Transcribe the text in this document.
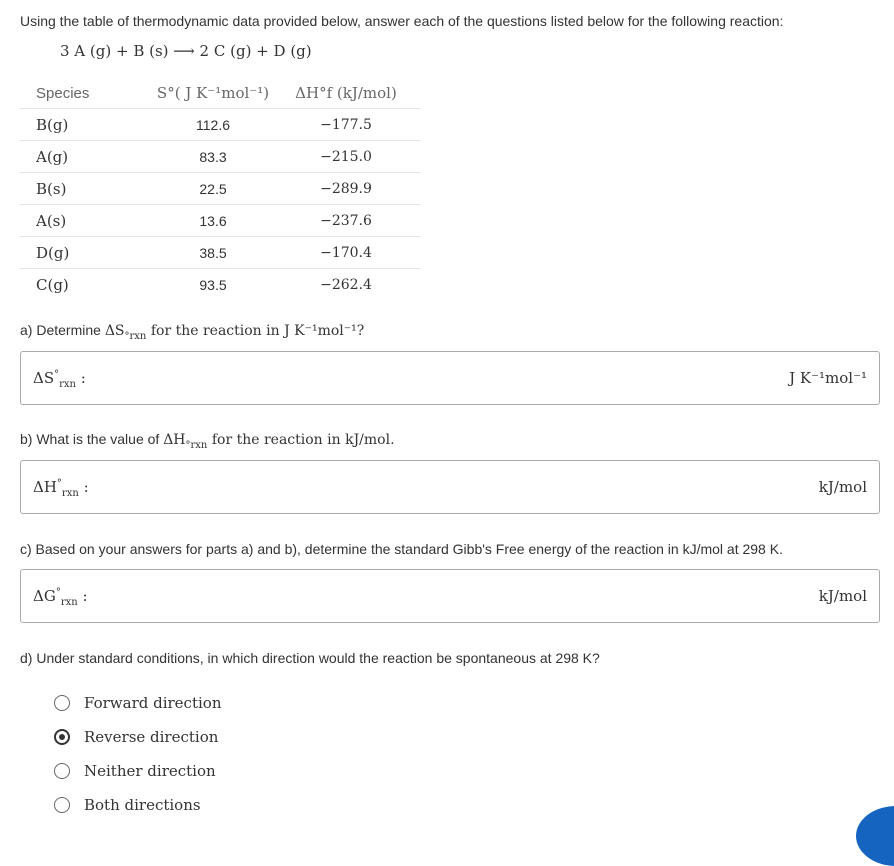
Using the table of thermodynamic data provided below, answer each of the questions listed below for the following reaction:
3 A (g) + B (s) ⟶ 2 C (g) + D (g)
Species	S°( J K⁻¹mol⁻¹)	ΔH°f (kJ/mol)
B(g)	112.6	−177.5
A(g)	83.3	−215.0
B(s)	22.5	−289.9
A(s)	13.6	−237.6
D(g)	38.5	−170.4
C(g)	93.5	−262.4
a) Determine $\Delta S_{^\circ rxn}$ for the reaction in J K⁻¹mol⁻¹?
$\Delta S^\circ_{rxn}$ :	J K⁻¹mol⁻¹
b) What is the value of $\Delta H_{^\circ rxn}$ for the reaction in kJ/mol.
$\Delta H^\circ_{rxn}$ :	kJ/mol
c) Based on your answers for parts a) and b), determine the standard Gibb's Free energy of the reaction in kJ/mol at 298 K.
$\Delta G^\circ_{rxn}$ :	kJ/mol
d) Under standard conditions, in which direction would the reaction be spontaneous at 298 K?
Forward direction
Reverse direction
Neither direction
Both directions
